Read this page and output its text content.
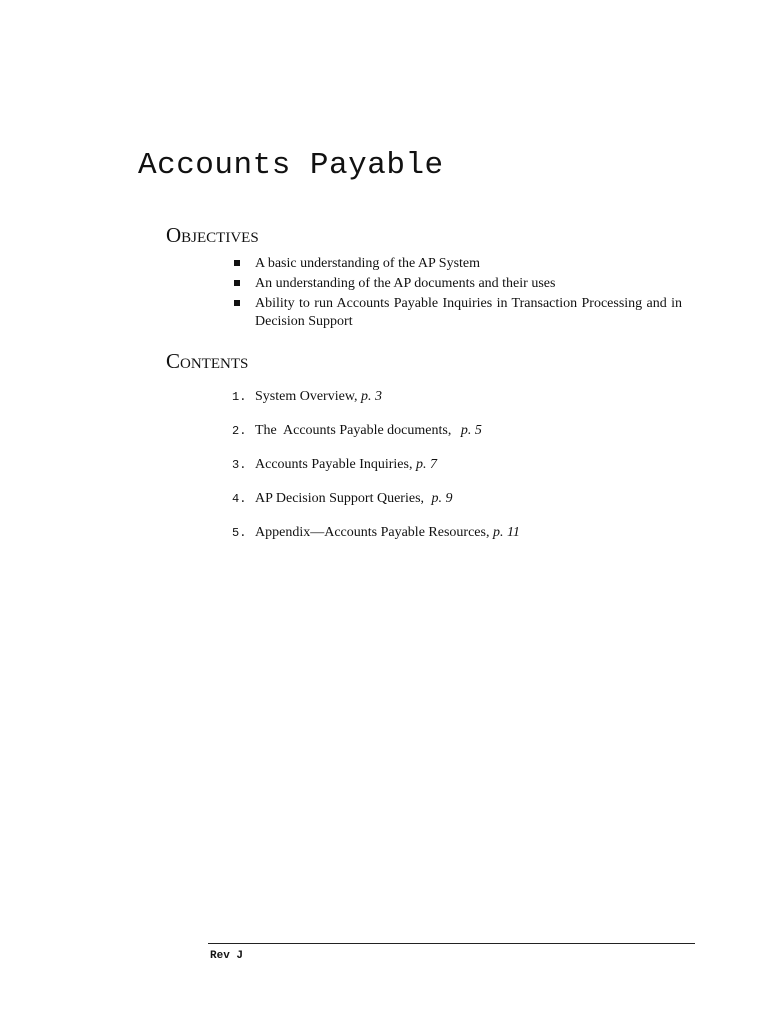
Accounts Payable
Objectives
A basic understanding of the AP System
An understanding of the AP documents and their uses
Ability to run Accounts Payable Inquiries in Transaction Processing and in Decision Support
Contents
1. System Overview, p. 3
2. The  Accounts Payable documents, p. 5
3. Accounts Payable Inquiries, p. 7
4. AP Decision Support Queries, p. 9
5. Appendix—Accounts Payable Resources, p. 11
Rev J
